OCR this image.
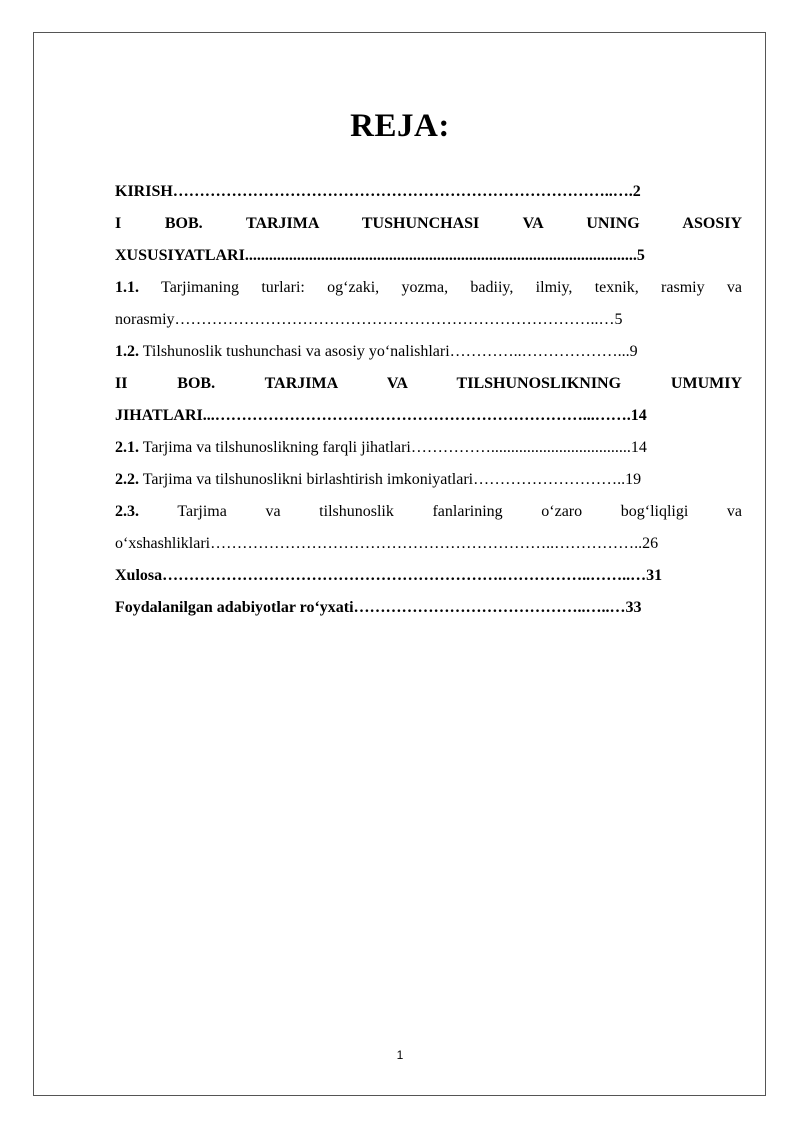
REJA:
KIRISH………………………………………………………………………..….2
I BOB. TARJIMA TUSHUNCHASI VA UNING ASOSIY
XUSUSIYATLARI..................................................................................................5
1.1. Tarjimaning turlari: og‘zaki, yozma, badiiy, ilmiy, texnik, rasmiy va
norasmiy……………………………………………………………………..…5
1.2. Tilshunoslik tushunchasi va asosiy yo‘nalishlari…………..………………...9
II BOB. TARJIMA VA TILSHUNOSLIKNING UMUMIY
JIHATLARI...……………………………………………………………...…….14
2.1. Tarjima va tilshunoslikning farqli jihatlari……………...................................14
2.2. Tarjima va tilshunoslikni birlashtirish imkoniyatlari………………………..19
2.3. Tarjima va tilshunoslik fanlarining o‘zaro bog‘liqligi va
o‘xshashliklari………………………………………………………..……………..26
Xulosa……………………………………………………….……………..……..…31
Foydalanilgan adabiyotlar ro‘yxati……………………………………..…..…33
1
